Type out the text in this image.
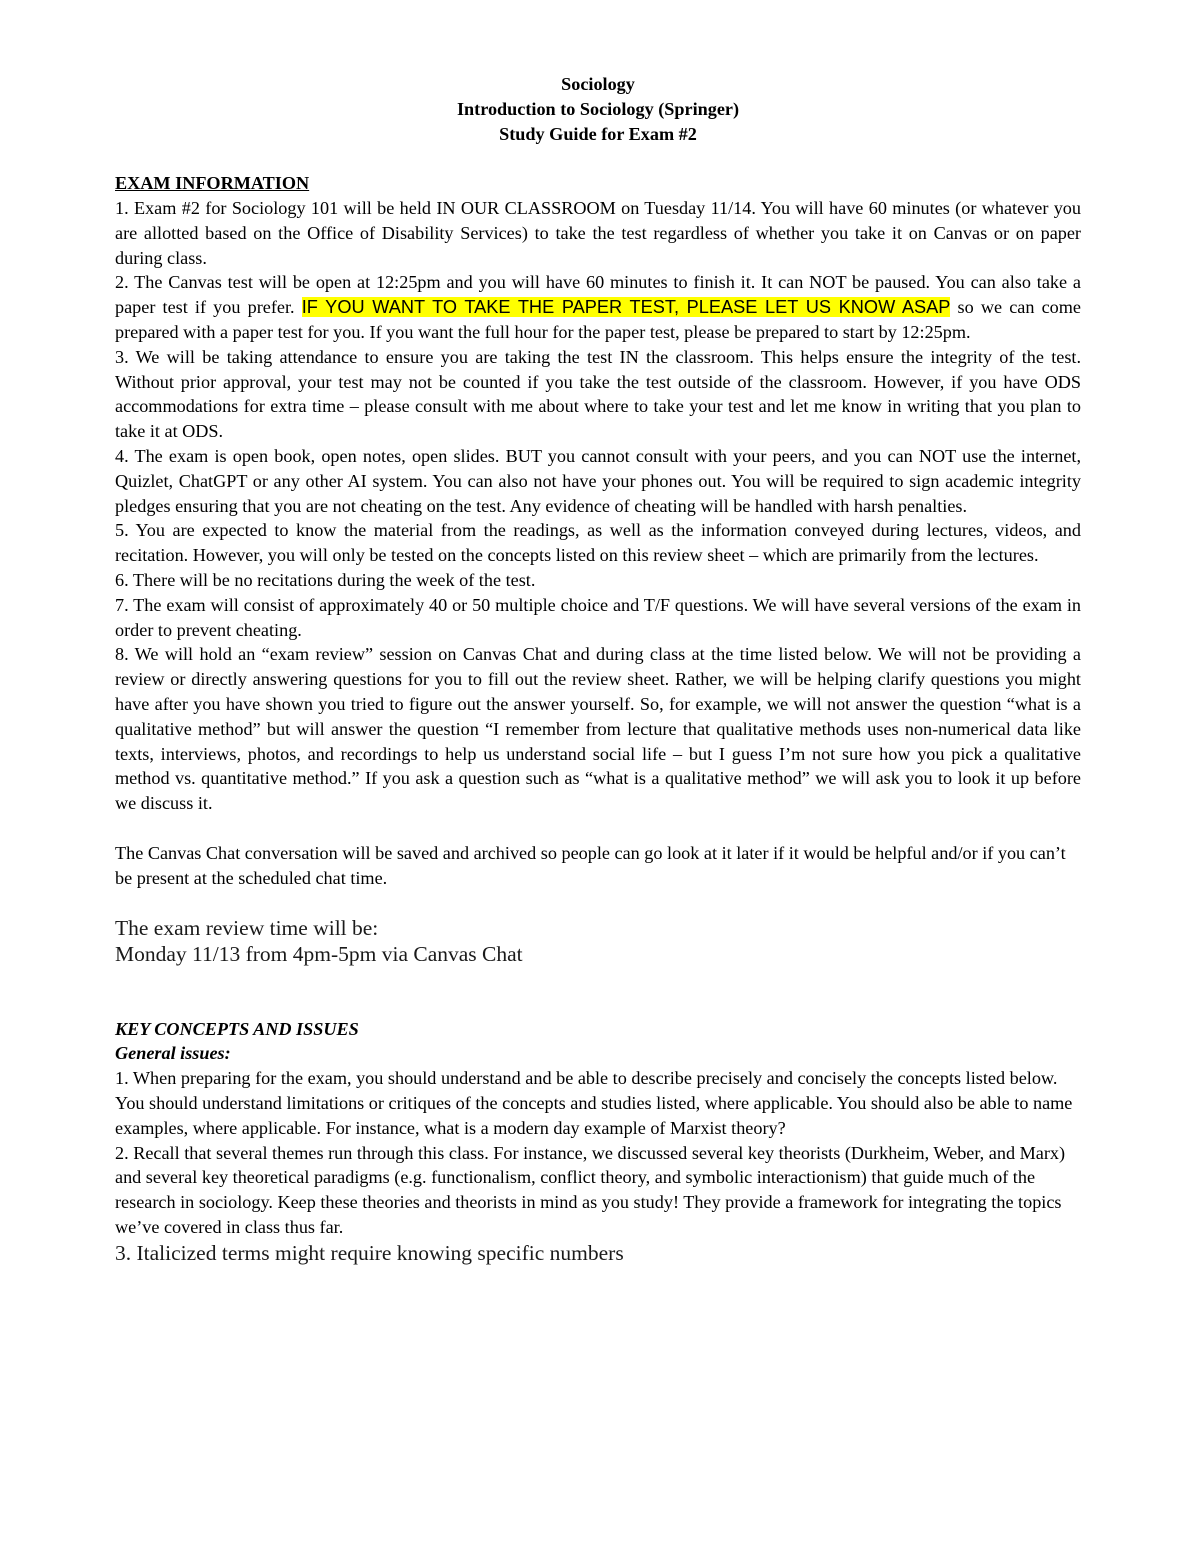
Sociology
Introduction to Sociology (Springer)
Study Guide for Exam #2
EXAM INFORMATION

1. Exam #2 for Sociology 101 will be held IN OUR CLASSROOM on Tuesday 11/14. You will have 60 minutes (or whatever you are allotted based on the Office of Disability Services) to take the test regardless of whether you take it on Canvas or on paper during class.

2. The Canvas test will be open at 12:25pm and you will have 60 minutes to finish it. It can NOT be paused. You can also take a paper test if you prefer. IF YOU WANT TO TAKE THE PAPER TEST, PLEASE LET US KNOW ASAP so we can come prepared with a paper test for you. If you want the full hour for the paper test, please be prepared to start by 12:25pm.

3. We will be taking attendance to ensure you are taking the test IN the classroom. This helps ensure the integrity of the test. Without prior approval, your test may not be counted if you take the test outside of the classroom. However, if you have ODS accommodations for extra time – please consult with me about where to take your test and let me know in writing that you plan to take it at ODS.

4. The exam is open book, open notes, open slides. BUT you cannot consult with your peers, and you can NOT use the internet, Quizlet, ChatGPT or any other AI system. You can also not have your phones out. You will be required to sign academic integrity pledges ensuring that you are not cheating on the test. Any evidence of cheating will be handled with harsh penalties.

5. You are expected to know the material from the readings, as well as the information conveyed during lectures, videos, and recitation. However, you will only be tested on the concepts listed on this review sheet – which are primarily from the lectures.

6. There will be no recitations during the week of the test.

7. The exam will consist of approximately 40 or 50 multiple choice and T/F questions. We will have several versions of the exam in order to prevent cheating.

8. We will hold an “exam review” session on Canvas Chat and during class at the time listed below. We will not be providing a review or directly answering questions for you to fill out the review sheet. Rather, we will be helping clarify questions you might have after you have shown you tried to figure out the answer yourself. So, for example, we will not answer the question “what is a qualitative method” but will answer the question “I remember from lecture that qualitative methods uses non-numerical data like texts, interviews, photos, and recordings to help us understand social life – but I guess I’m not sure how you pick a qualitative method vs. quantitative method.” If you ask a question such as “what is a qualitative method” we will ask you to look it up before we discuss it.

The Canvas Chat conversation will be saved and archived so people can go look at it later if it would be helpful and/or if you can’t be present at the scheduled chat time.

The exam review time will be:

Monday 11/13 from 4pm-5pm via Canvas Chat

KEY CONCEPTS AND ISSUES
General issues:

1. When preparing for the exam, you should understand and be able to describe precisely and concisely the concepts listed below. You should understand limitations or critiques of the concepts and studies listed, where applicable. You should also be able to name examples, where applicable. For instance, what is a modern day example of Marxist theory?

2. Recall that several themes run through this class. For instance, we discussed several key theorists (Durkheim, Weber, and Marx) and several key theoretical paradigms (e.g. functionalism, conflict theory, and symbolic interactionism) that guide much of the research in sociology. Keep these theories and theorists in mind as you study! They provide a framework for integrating the topics we’ve covered in class thus far.

3. Italicized terms might require knowing specific numbers
